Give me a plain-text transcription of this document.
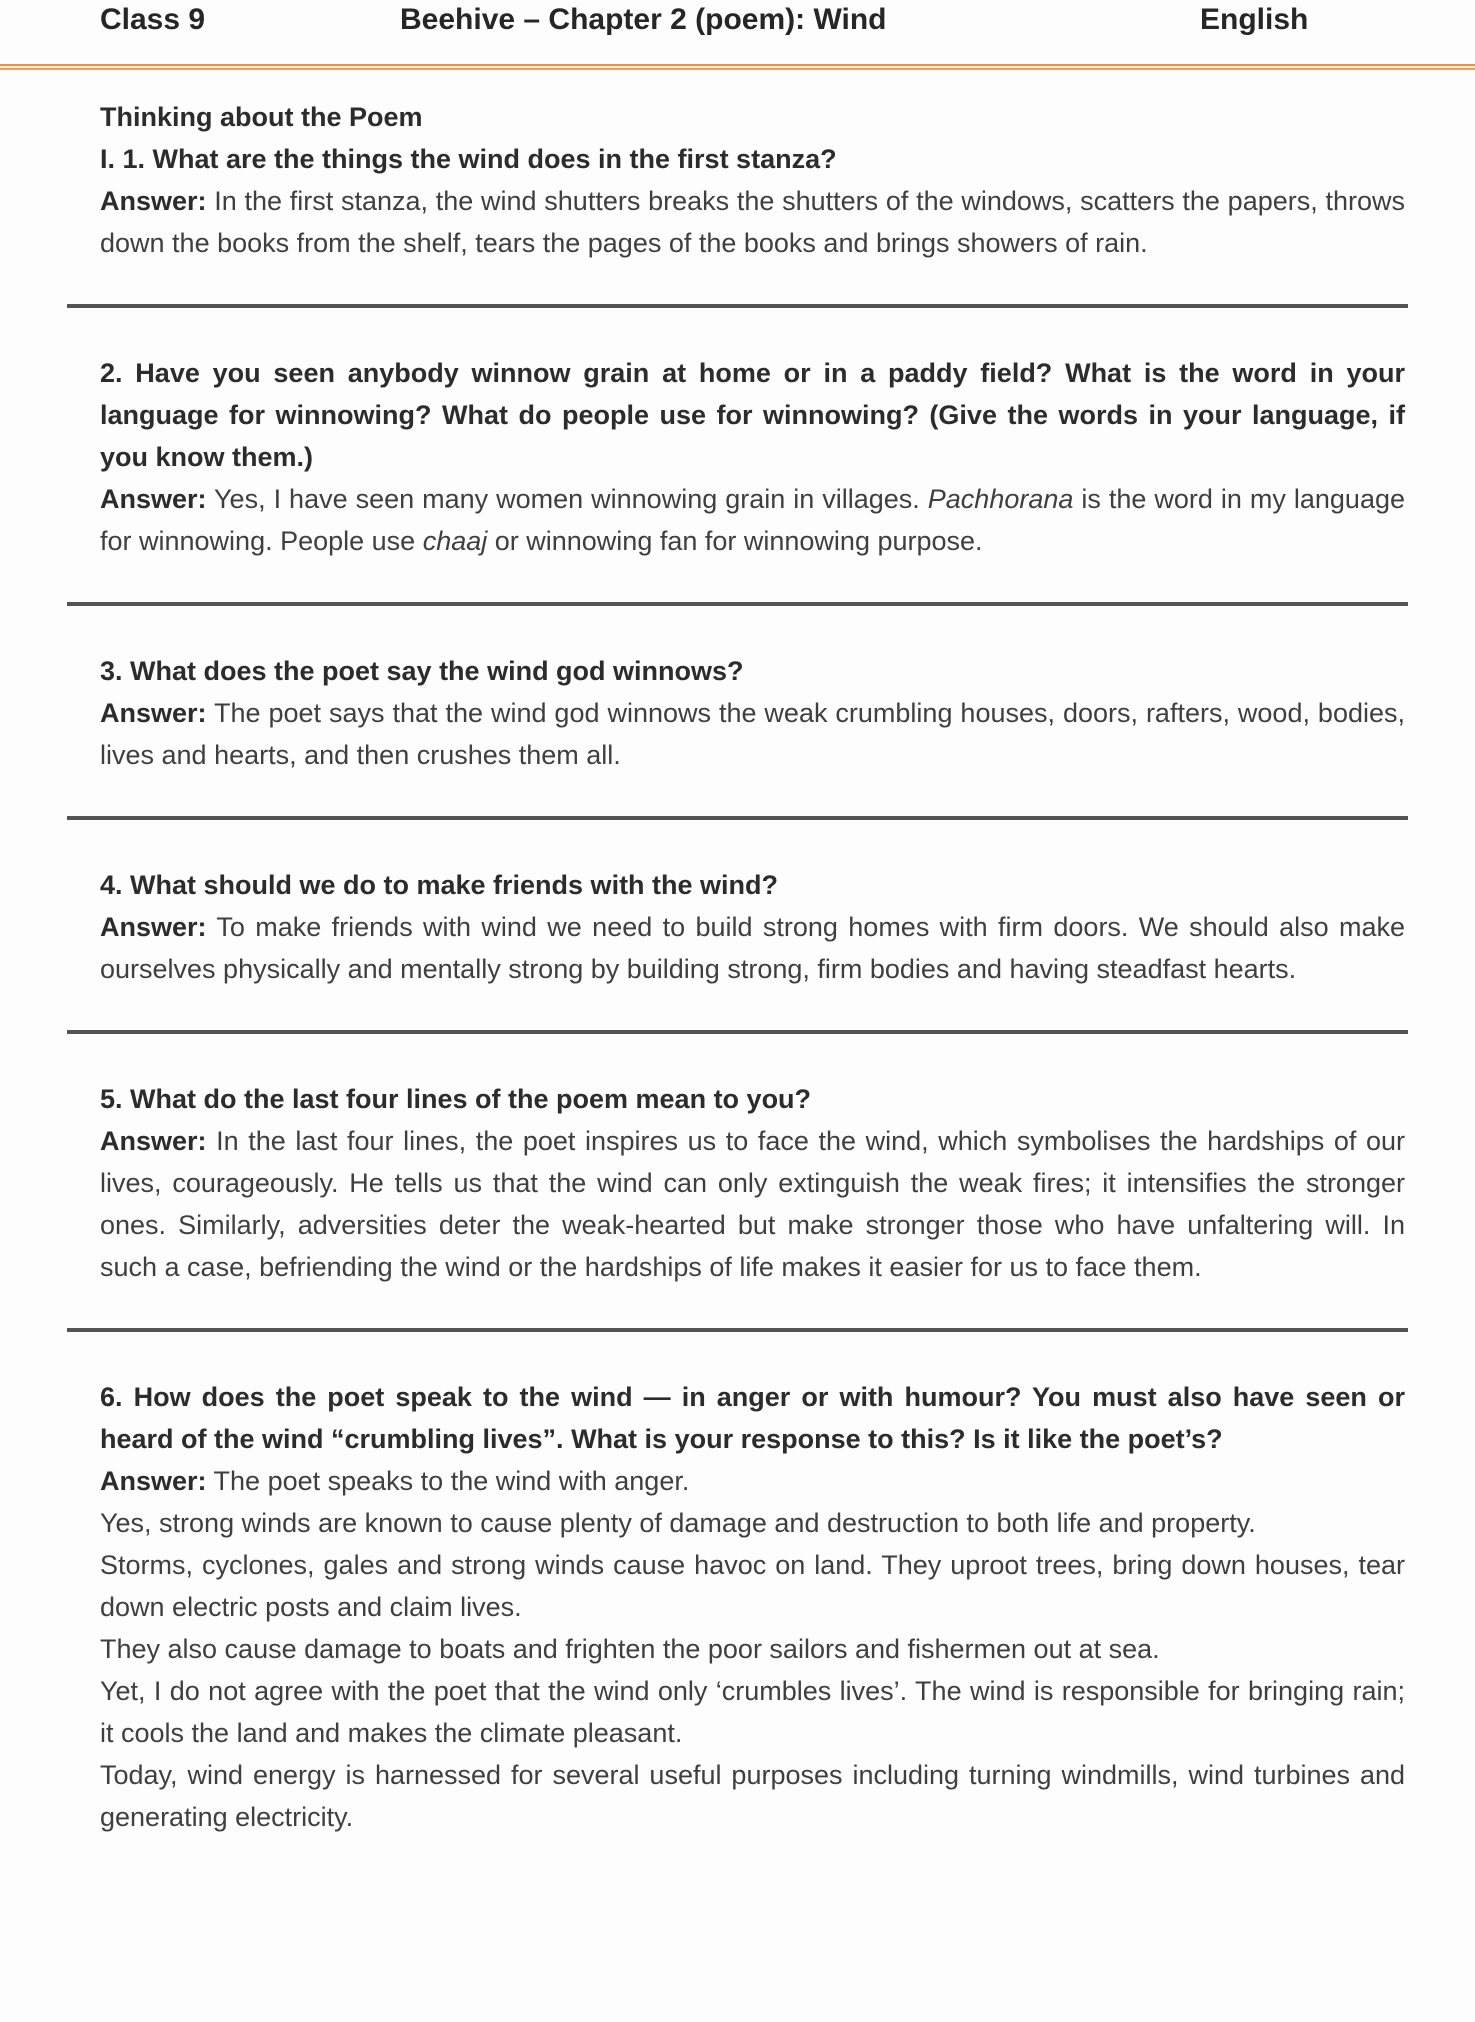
Class 9	Beehive – Chapter 2 (poem): Wind	English
Thinking about the Poem
I. 1. What are the things the wind does in the first stanza?

Answer: In the first stanza, the wind shutters breaks the shutters of the windows, scatters the papers, throws down the books from the shelf, tears the pages of the books and brings showers of rain.

2. Have you seen anybody winnow grain at home or in a paddy field? What is the word in your language for winnowing? What do people use for winnowing? (Give the words in your language, if you know them.)

Answer: Yes, I have seen many women winnowing grain in villages. Pachhorana is the word in my language for winnowing. People use chaaj or winnowing fan for winnowing purpose.

3. What does the poet say the wind god winnows?

Answer: The poet says that the wind god winnows the weak crumbling houses, doors, rafters, wood, bodies, lives and hearts, and then crushes them all.

4. What should we do to make friends with the wind?

Answer: To make friends with wind we need to build strong homes with firm doors. We should also make ourselves physically and mentally strong by building strong, firm bodies and having steadfast hearts.

5. What do the last four lines of the poem mean to you?

Answer: In the last four lines, the poet inspires us to face the wind, which symbolises the hardships of our lives, courageously. He tells us that the wind can only extinguish the weak fires; it intensifies the stronger ones. Similarly, adversities deter the weak-hearted but make stronger those who have unfaltering will. In such a case, befriending the wind or the hardships of life makes it easier for us to face them.

6. How does the poet speak to the wind — in anger or with humour? You must also have seen or heard of the wind “crumbling lives”. What is your response to this? Is it like the poet’s?

Answer: The poet speaks to the wind with anger.

Yes, strong winds are known to cause plenty of damage and destruction to both life and property.

Storms, cyclones, gales and strong winds cause havoc on land. They uproot trees, bring down houses, tear down electric posts and claim lives.

They also cause damage to boats and frighten the poor sailors and fishermen out at sea.

Yet, I do not agree with the poet that the wind only ‘crumbles lives’. The wind is responsible for bringing rain; it cools the land and makes the climate pleasant.

Today, wind energy is harnessed for several useful purposes including turning windmills, wind turbines and generating electricity.
